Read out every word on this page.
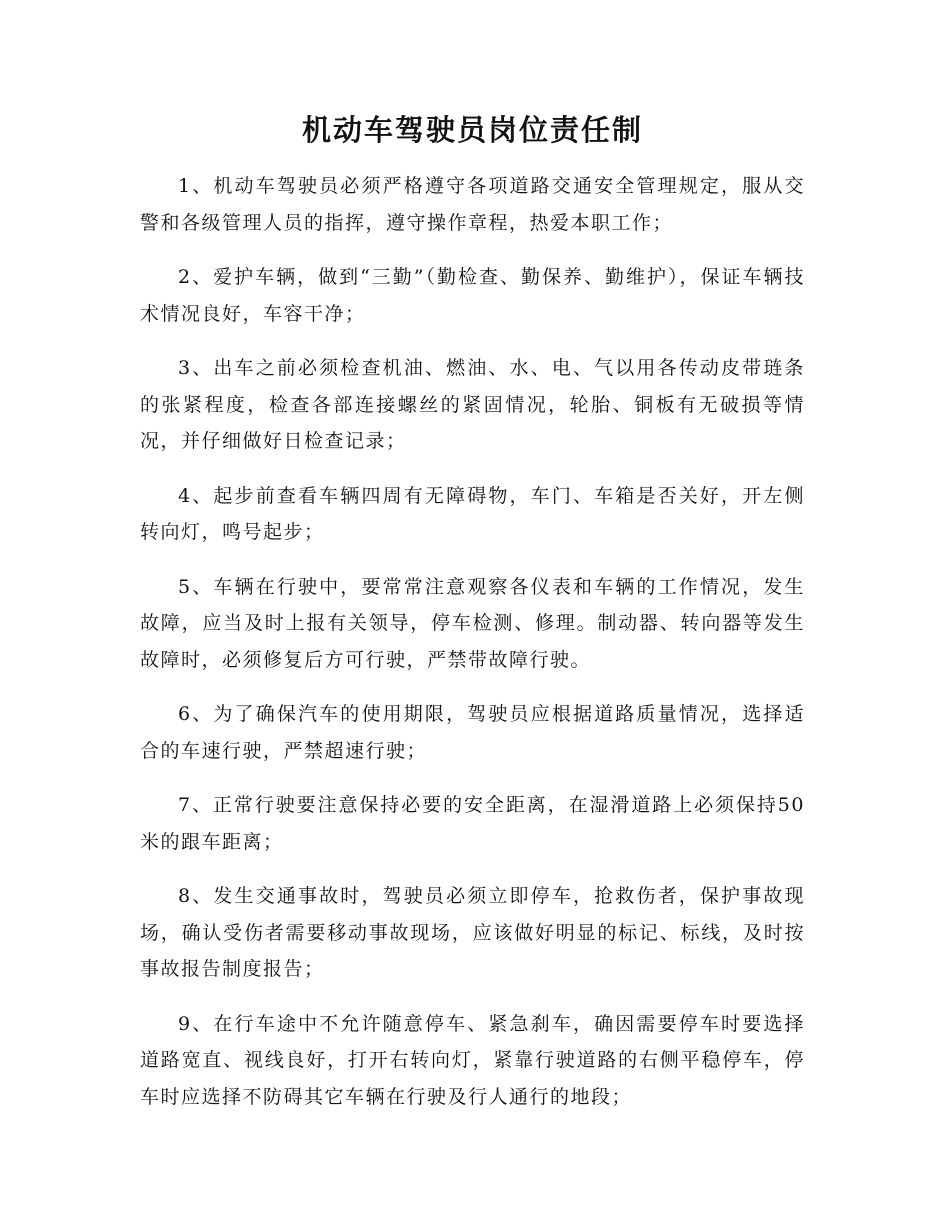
机动车驾驶员岗位责任制

1、机动车驾驶员必须严格遵守各项道路交通安全管理规定，服从交警和各级管理人员的指挥，遵守操作章程，热爱本职工作；

2、爱护车辆，做到“三勤”（勤检查、勤保养、勤维护），保证车辆技术情况良好，车容干净；

3、出车之前必须检查机油、燃油、水、电、气以用各传动皮带琏条的张紧程度，检查各部连接螺丝的紧固情况，轮胎、铜板有无破损等情况，并仔细做好日检查记录；

4、起步前查看车辆四周有无障碍物，车门、车箱是否关好，开左侧转向灯，鸣号起步；

5、车辆在行驶中，要常常注意观察各仪表和车辆的工作情况，发生故障，应当及时上报有关领导，停车检测、修理。制动器、转向器等发生故障时，必须修复后方可行驶，严禁带故障行驶。

6、为了确保汽车的使用期限，驾驶员应根据道路质量情况，选择适合的车速行驶，严禁超速行驶；

7、正常行驶要注意保持必要的安全距离，在湿滑道路上必须保持50米的跟车距离；

8、发生交通事故时，驾驶员必须立即停车，抢救伤者，保护事故现场，确认受伤者需要移动事故现场，应该做好明显的标记、标线，及时按事故报告制度报告；

9、在行车途中不允许随意停车、紧急刹车，确因需要停车时要选择道路宽直、视线良好，打开右转向灯，紧靠行驶道路的右侧平稳停车，停车时应选择不防碍其它车辆在行驶及行人通行的地段；
